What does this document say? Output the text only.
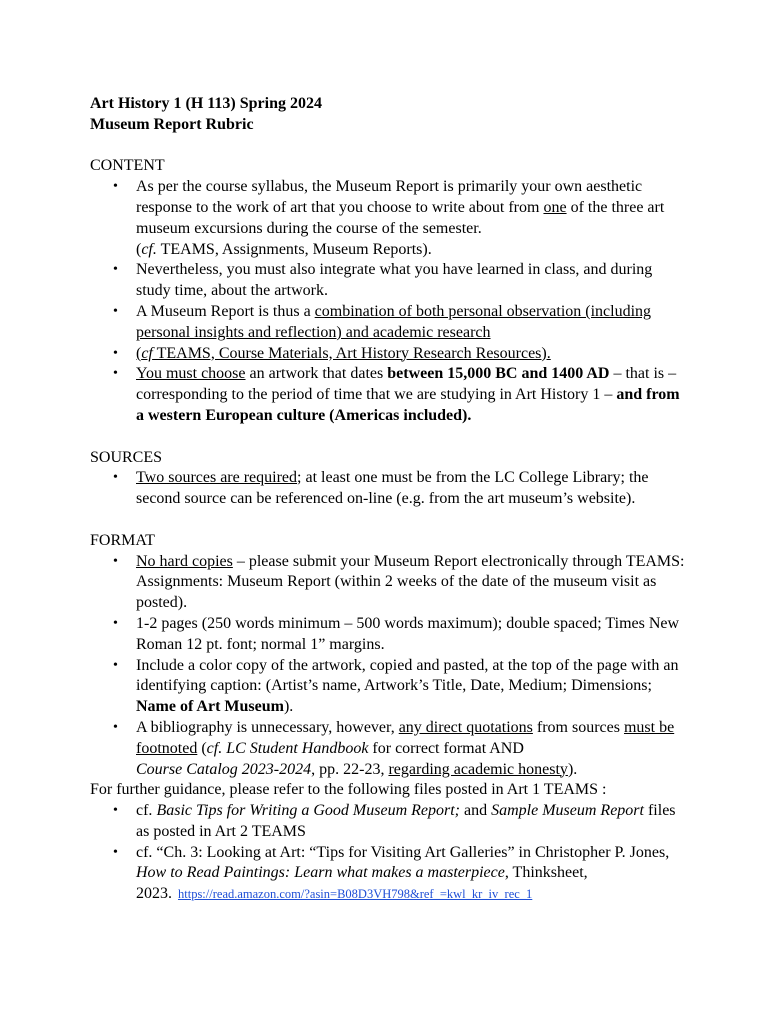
Art History 1 (H 113) Spring 2024

Museum Report Rubric

CONTENT

• As per the course syllabus, the Museum Report is primarily your own aesthetic response to the work of art that you choose to write about from one of the three art museum excursions during the course of the semester.
(cf. TEAMS, Assignments, Museum Reports).
• Nevertheless, you must also integrate what you have learned in class, and during study time, about the artwork.
• A Museum Report is thus a combination of both personal observation (including personal insights and reflection) and academic research
• (cf TEAMS, Course Materials, Art History Research Resources).
• You must choose an artwork that dates between 15,000 BC and 1400 AD – that is – corresponding to the period of time that we are studying in Art History 1 – and from a western European culture (Americas included).

SOURCES

• Two sources are required; at least one must be from the LC College Library; the second source can be referenced on-line (e.g. from the art museum’s website).

FORMAT

• No hard copies – please submit your Museum Report electronically through TEAMS: Assignments: Museum Report (within 2 weeks of the date of the museum visit as posted).
• 1-2 pages (250 words minimum – 500 words maximum); double spaced; Times New Roman 12 pt. font; normal 1” margins.
• Include a color copy of the artwork, copied and pasted, at the top of the page with an identifying caption: (Artist’s name, Artwork’s Title, Date, Medium; Dimensions; Name of Art Museum).
• A bibliography is unnecessary, however, any direct quotations from sources must be footnoted (cf. LC Student Handbook for correct format AND
Course Catalog 2023-2024, pp. 22-23, regarding academic honesty).

For further guidance, please refer to the following files posted in Art 1 TEAMS :

• cf. Basic Tips for Writing a Good Museum Report; and Sample Museum Report files as posted in Art 2 TEAMS
• cf. “Ch. 3: Looking at Art: “Tips for Visiting Art Galleries” in Christopher P. Jones, How to Read Paintings: Learn what makes a masterpiece, Thinksheet, 2023. https://read.amazon.com/?asin=B08D3VH798&ref_=kwl_kr_iv_rec_1
